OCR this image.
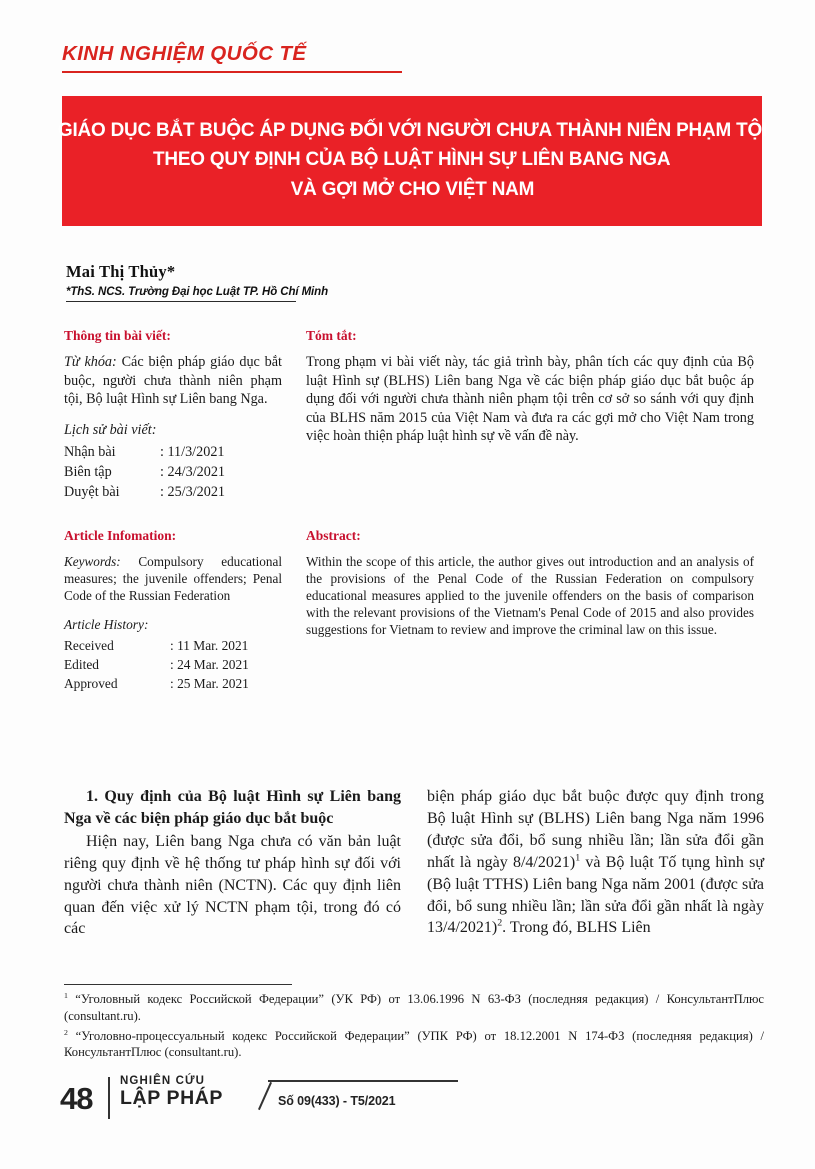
KINH NGHIỆM QUỐC TẾ
GIÁO DỤC BẮT BUỘC ÁP DỤNG ĐỐI VỚI NGƯỜI CHƯA THÀNH NIÊN PHẠM TỘI
THEO QUY ĐỊNH CỦA BỘ LUẬT HÌNH SỰ LIÊN BANG NGA
VÀ GỢI MỞ CHO VIỆT NAM
Mai Thị Thủy*
*ThS. NCS. Trường Đại học Luật TP. Hồ Chí Minh
Thông tin bài viết:
Từ khóa: Các biện pháp giáo dục bắt buộc, người chưa thành niên phạm tội, Bộ luật Hình sự Liên bang Nga.
Lịch sử bài viết:
Nhận bài	: 11/3/2021
Biên tập	: 24/3/2021
Duyệt bài	: 25/3/2021
Tóm tắt:
Trong phạm vi bài viết này, tác giả trình bày, phân tích các quy định của Bộ luật Hình sự (BLHS) Liên bang Nga về các biện pháp giáo dục bắt buộc áp dụng đối với người chưa thành niên phạm tội trên cơ sở so sánh với quy định của BLHS năm 2015 của Việt Nam và đưa ra các gợi mở cho Việt Nam trong việc hoàn thiện pháp luật hình sự về vấn đề này.
Article Infomation:
Keywords: Compulsory educational measures; the juvenile offenders; Penal Code of the Russian Federation
Article History:
Received	: 11 Mar. 2021
Edited	: 24 Mar. 2021
Approved	: 25 Mar. 2021
Abstract:
Within the scope of this article, the author gives out introduction and an analysis of the provisions of the Penal Code of the Russian Federation on compulsory educational measures applied to the juvenile offenders on the basis of comparison with the relevant provisions of the Vietnam's Penal Code of 2015 and also provides suggestions for Vietnam to review and improve the criminal law on this issue.

1. Quy định của Bộ luật Hình sự Liên bang Nga về các biện pháp giáo dục bắt buộc

Hiện nay, Liên bang Nga chưa có văn bản luật riêng quy định về hệ thống tư pháp hình sự đối với người chưa thành niên (NCTN). Các quy định liên quan đến việc xử lý NCTN phạm tội, trong đó có các

biện pháp giáo dục bắt buộc được quy định trong Bộ luật Hình sự (BLHS) Liên bang Nga năm 1996 (được sửa đổi, bổ sung nhiều lần; lần sửa đổi gần nhất là ngày 8/4/2021)$^1$ và Bộ luật Tố tụng hình sự (Bộ luật TTHS) Liên bang Nga năm 2001 (được sửa đổi, bổ sung nhiều lần; lần sửa đổi gần nhất là ngày 13/4/2021)$^2$. Trong đó, BLHS Liên

$^1$ “Уголовный кодекс Российской Федерации” (УК РФ) от 13.06.1996 N 63-ФЗ (последняя редакция) / КонсультантПлюс (consultant.ru).
$^2$ “Уголовно-процессуальный кодекс Российской Федерации” (УПК РФ) от 18.12.2001 N 174-ФЗ (последняя редакция) / КонсультантПлюс (consultant.ru).
48 NGHIÊN CỨU
LẬP PHÁP	Số 09(433) - T5/2021
